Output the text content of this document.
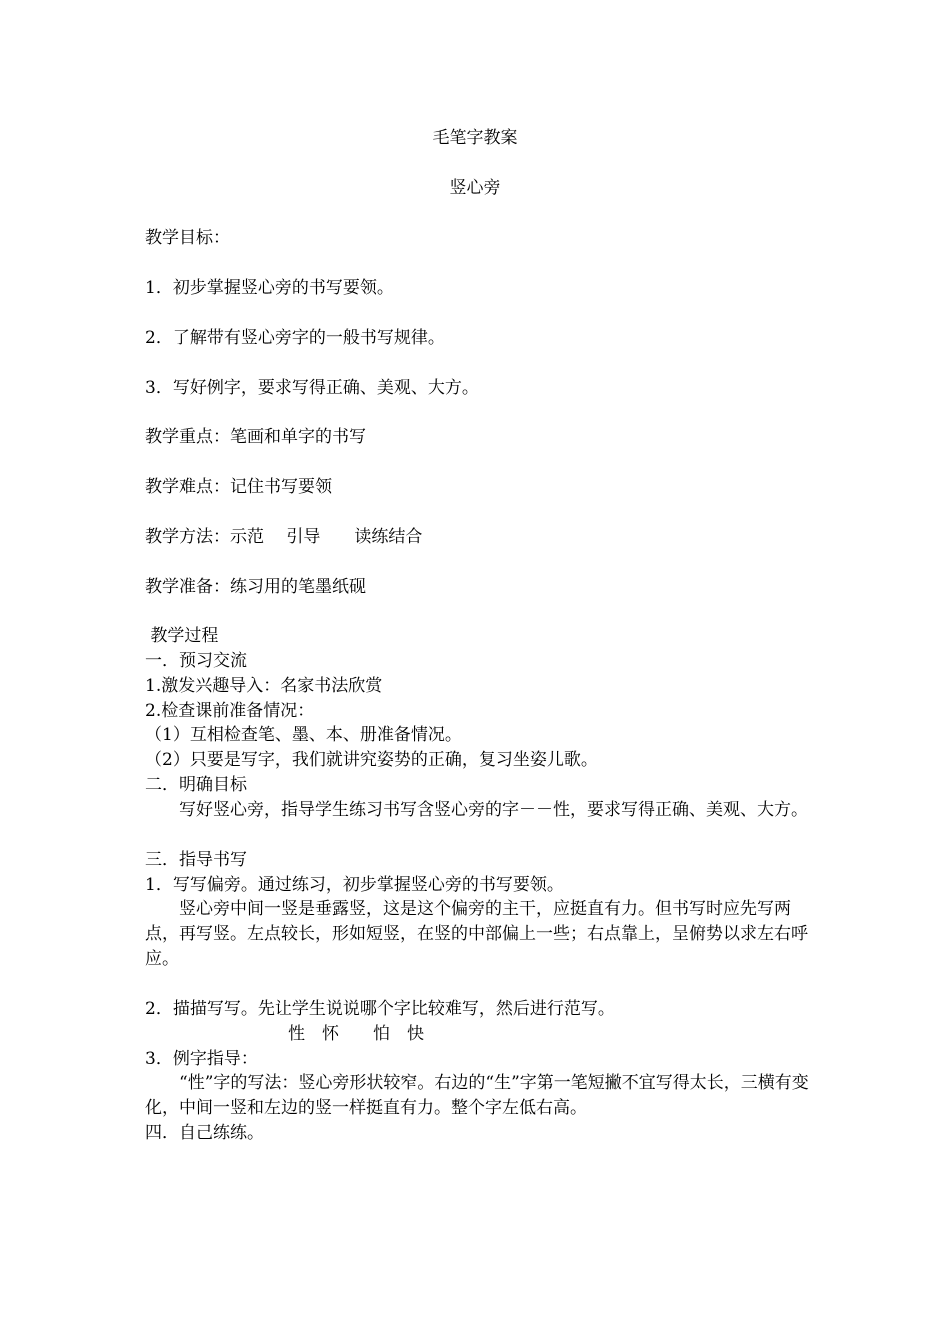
毛笔字教案
竖心旁
教学目标：
1．初步掌握竖心旁的书写要领。
2．了解带有竖心旁字的一般书写规律。
3．写好例字，要求写得正确、美观、大方。
教学重点：笔画和单字的书写
教学难点：记住书写要领
教学方法：示范　 引导　　读练结合
教学准备：练习用的笔墨纸砚
教学过程
一．预习交流
1.激发兴趣导入：名家书法欣赏
2.检查课前准备情况：
（1）互相检查笔、墨、本、册准备情况。
（2）只要是写字，我们就讲究姿势的正确，复习坐姿儿歌。
二．明确目标
写好竖心旁，指导学生练习书写含竖心旁的字－－性，要求写得正确、美观、大方。
三．指导书写
1．写写偏旁。通过练习，初步掌握竖心旁的书写要领。
竖心旁中间一竖是垂露竖，这是这个偏旁的主干，应挺直有力。但书写时应先写两点，再写竖。左点较长，形如短竖，在竖的中部偏上一些；右点靠上，呈俯势以求左右呼应。
2．描描写写。先让学生说说哪个字比较难写，然后进行范写。
性　怀　　怕　快
3．例字指导：
“性”字的写法：竖心旁形状较窄。右边的“生”字第一笔短撇不宜写得太长，三横有变化，中间一竖和左边的竖一样挺直有力。整个字左低右高。
四．自己练练。
